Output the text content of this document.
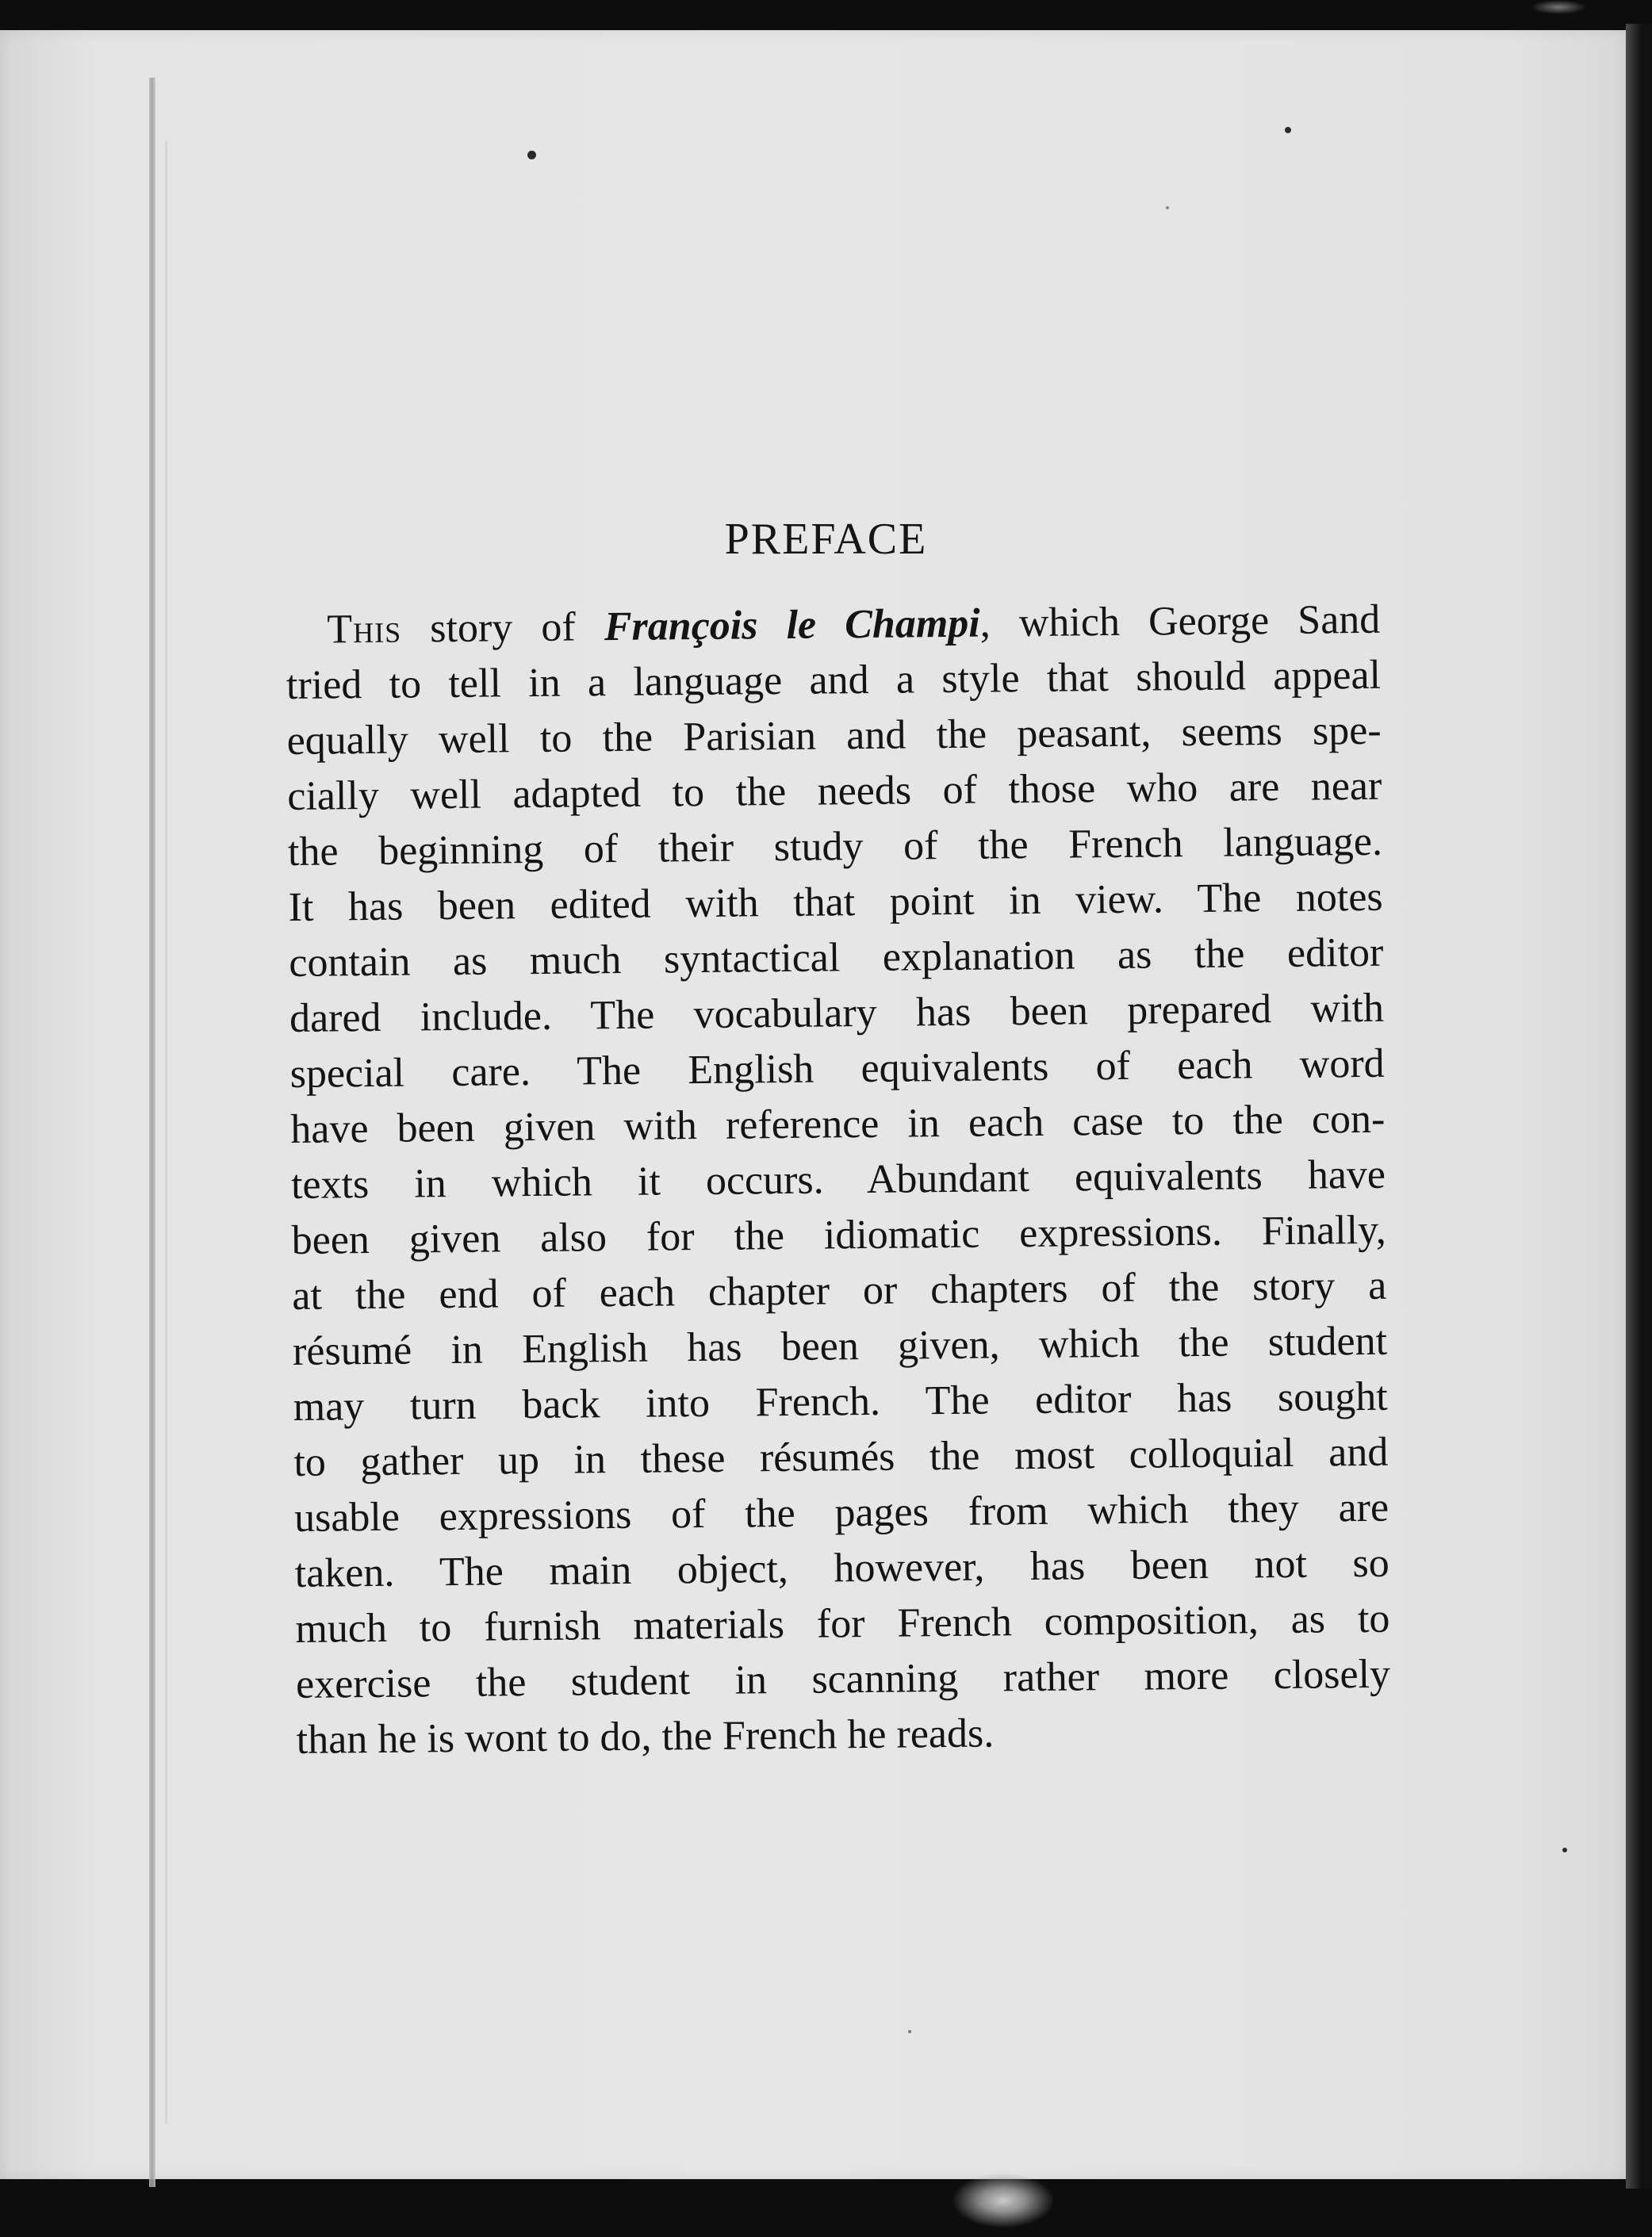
PREFACE
This story of François le Champi, which George Sand
tried to tell in a language and a style that should appeal
equally well to the Parisian and the peasant, seems spe-
cially well adapted to the needs of those who are near
the beginning of their study of the French language.
It has been edited with that point in view. The notes
contain as much syntactical explanation as the editor
dared include. The vocabulary has been prepared with
special care. The English equivalents of each word
have been given with reference in each case to the con-
texts in which it occurs. Abundant equivalents have
been given also for the idiomatic expressions. Finally,
at the end of each chapter or chapters of the story a
résumé in English has been given, which the student
may turn back into French. The editor has sought
to gather up in these résumés the most colloquial and
usable expressions of the pages from which they are
taken. The main object, however, has been not so
much to furnish materials for French composition, as to
exercise the student in scanning rather more closely
than he is wont to do, the French he reads.
